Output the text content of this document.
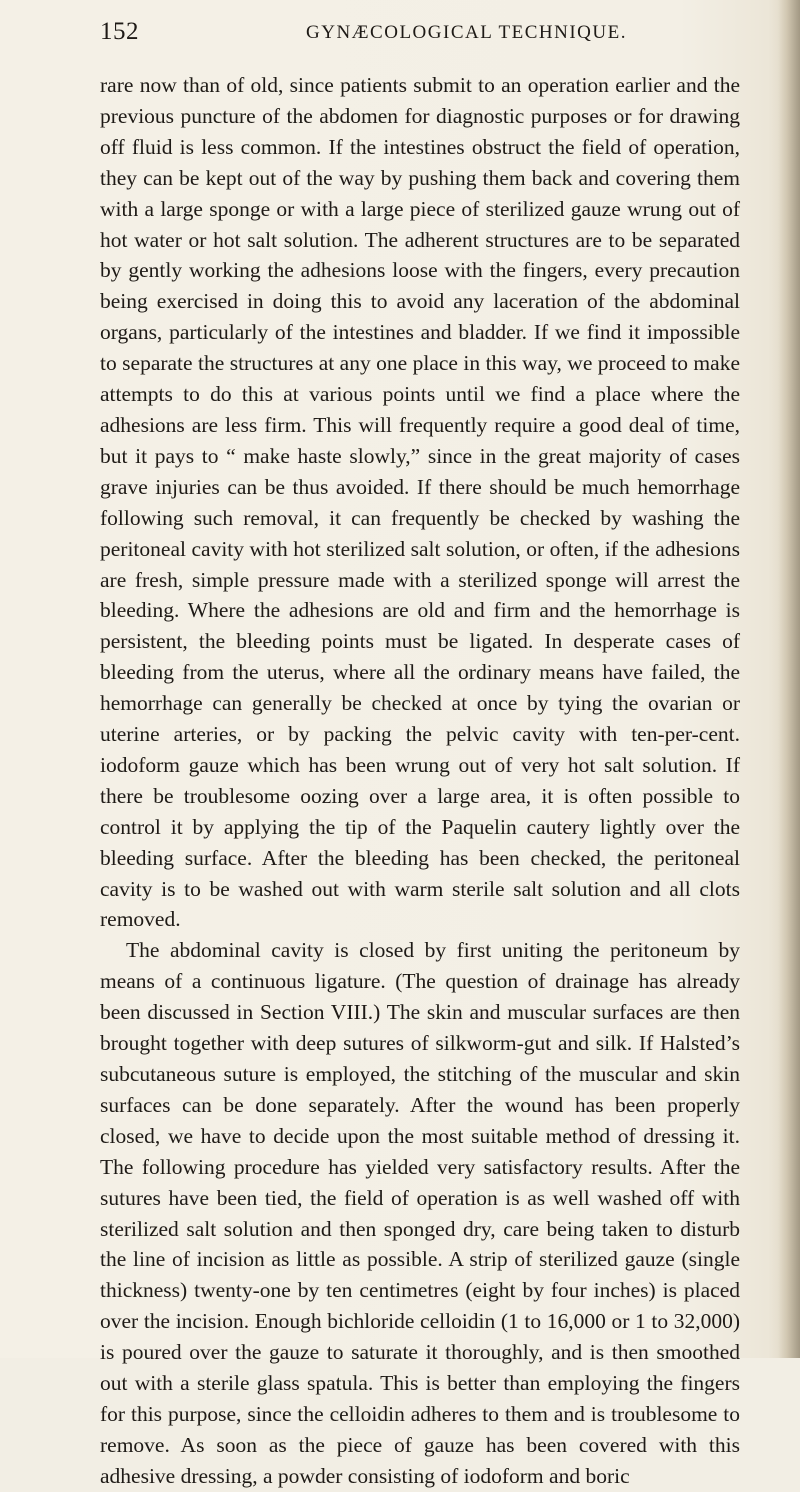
152	GYNÆCOLOGICAL TECHNIQUE.

rare now than of old, since patients submit to an operation earlier and the previous puncture of the abdomen for diagnostic purposes or for drawing off fluid is less common. If the intestines obstruct the field of operation, they can be kept out of the way by pushing them back and covering them with a large sponge or with a large piece of sterilized gauze wrung out of hot water or hot salt solution. The adherent structures are to be separated by gently working the adhesions loose with the fingers, every precaution being exercised in doing this to avoid any laceration of the abdominal organs, particularly of the intestines and bladder. If we find it impossible to separate the structures at any one place in this way, we proceed to make attempts to do this at various points until we find a place where the adhesions are less firm. This will frequently require a good deal of time, but it pays to “ make haste slowly,” since in the great majority of cases grave injuries can be thus avoided. If there should be much hemorrhage following such removal, it can frequently be checked by washing the peritoneal cavity with hot sterilized salt solution, or often, if the adhesions are fresh, simple pressure made with a sterilized sponge will arrest the bleeding. Where the adhesions are old and firm and the hemorrhage is persistent, the bleeding points must be ligated. In desperate cases of bleeding from the uterus, where all the ordinary means have failed, the hemorrhage can generally be checked at once by tying the ovarian or uterine arteries, or by packing the pelvic cavity with ten-per-cent. iodoform gauze which has been wrung out of very hot salt solution. If there be troublesome oozing over a large area, it is often possible to control it by applying the tip of the Paquelin cautery lightly over the bleeding surface. After the bleeding has been checked, the peritoneal cavity is to be washed out with warm sterile salt solution and all clots removed.

The abdominal cavity is closed by first uniting the peritoneum by means of a continuous ligature. (The question of drainage has already been discussed in Section VIII.) The skin and muscular surfaces are then brought together with deep sutures of silkworm-gut and silk. If Halsted’s subcutaneous suture is employed, the stitching of the muscular and skin surfaces can be done separately. After the wound has been properly closed, we have to decide upon the most suitable method of dressing it. The following procedure has yielded very satisfactory results. After the sutures have been tied, the field of operation is as well washed off with sterilized salt solution and then sponged dry, care being taken to disturb the line of incision as little as possible. A strip of sterilized gauze (single thickness) twenty-one by ten centimetres (eight by four inches) is placed over the incision. Enough bichloride celloidin (1 to 16,000 or 1 to 32,000) is poured over the gauze to saturate it thoroughly, and is then smoothed out with a sterile glass spatula. This is better than employing the fingers for this purpose, since the celloidin adheres to them and is troublesome to remove. As soon as the piece of gauze has been covered with this adhesive dressing, a powder consisting of iodoform and boric
